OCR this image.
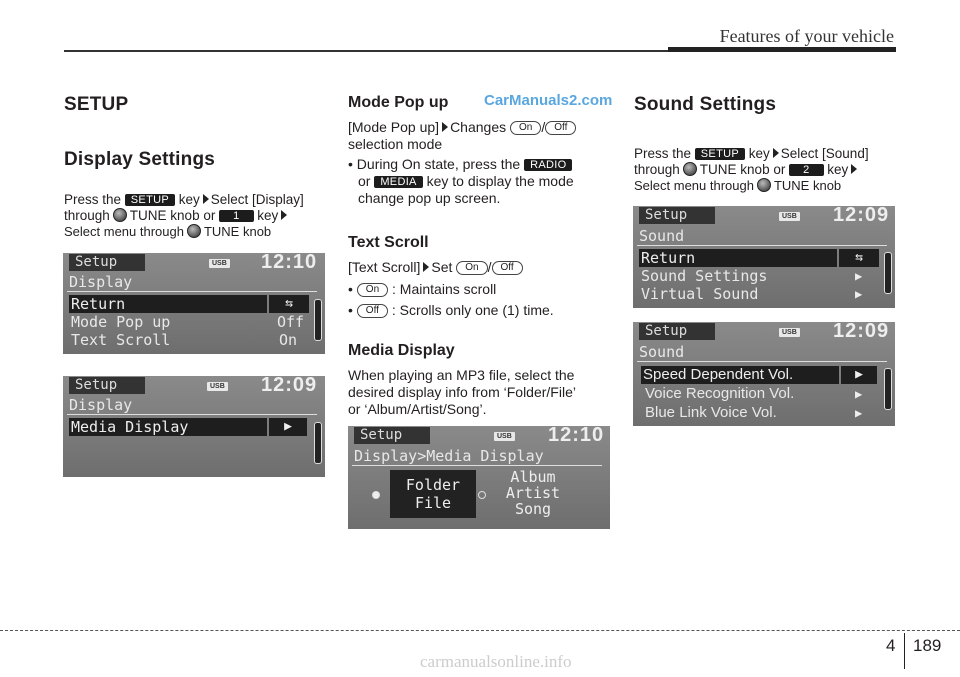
Features of your vehicle
SETUP
Display Settings
Press the SETUP key Select [Display]
through TUNE knob or 1 key
Select menu through TUNE knob
Setup	USB 12:10
Display
Return	⇆
Mode Pop up	Off
Text Scroll	On
Setup	USB 12:09
Display
Media Display	▶
CarManuals2.com
Mode Pop up
[Mode Pop up] Changes On / Off
selection mode
• During On state, press the RADIO
or MEDIA key to display the mode
change pop up screen.
Text Scroll
[Text Scroll] Set On / Off
• On : Maintains scroll
• Off : Scrolls only one (1) time.
Media Display
When playing an MP3 file, select the
desired display info from ‘Folder/File’
or ‘Album/Artist/Song’.
Setup	USB 12:10
Display>Media Display
Folder
File
Album
Artist
Song
Sound Settings
Press the SETUP key Select [Sound]
through TUNE knob or 2 key
Select menu through TUNE knob
Setup	USB 12:09
Sound
Return	⇆
Sound Settings	▶
Virtual Sound	▶
Setup	USB 12:09
Sound
Speed Dependent Vol.	▶
Voice Recognition Vol.	▶
Blue Link Voice Vol.	▶
4 189
carmanualsonline.info
